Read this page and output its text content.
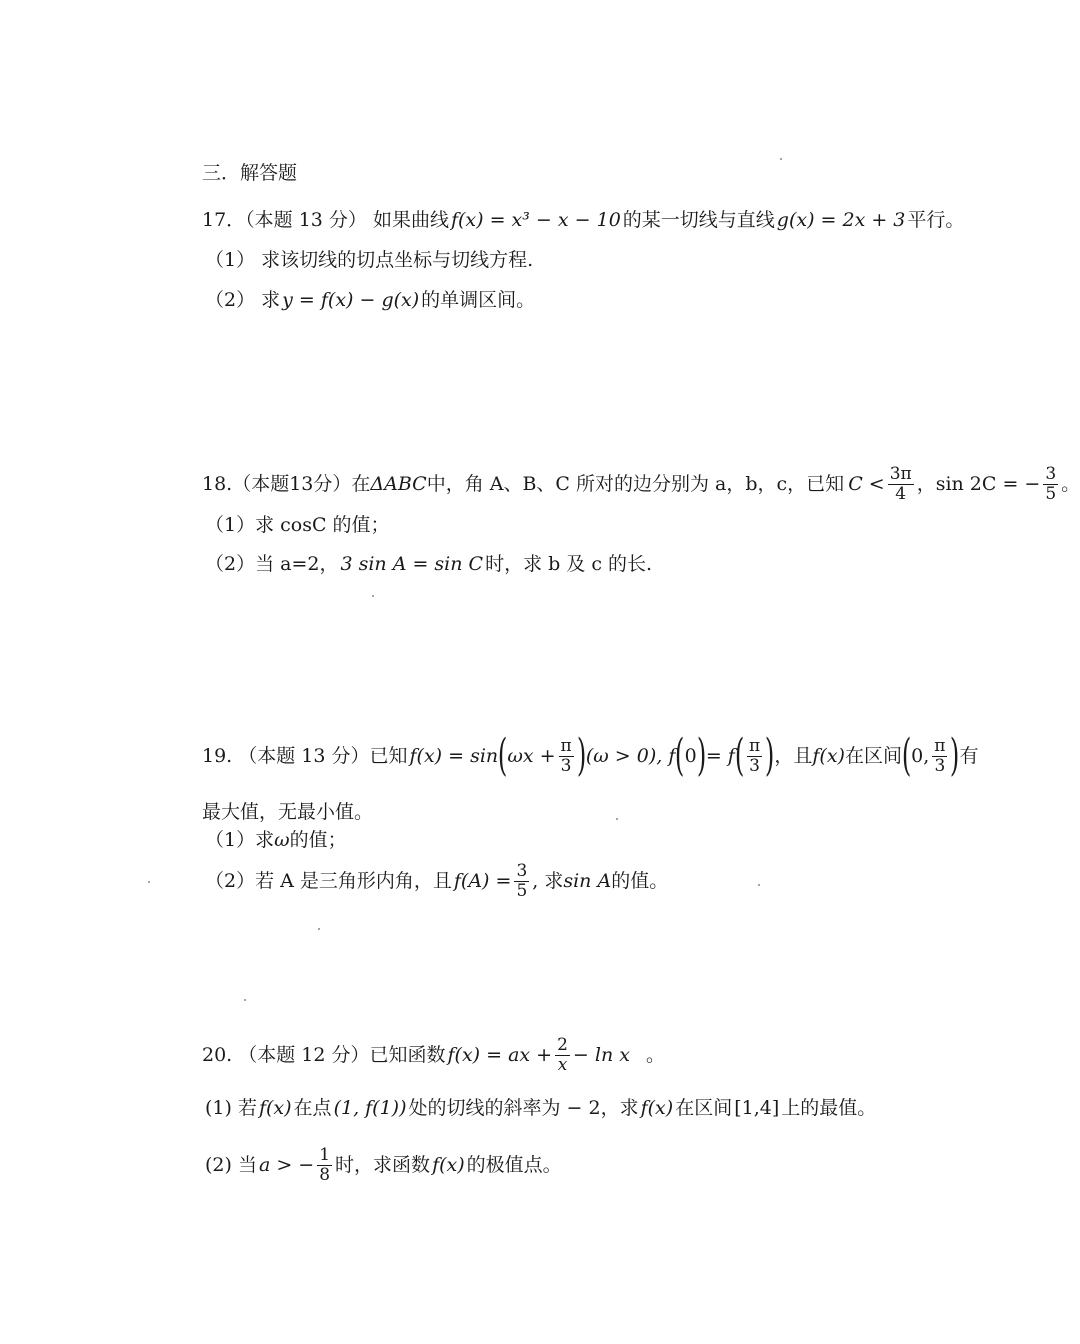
三．解答题
17．（本题 13 分） 如果曲线 f(x) = x³ − x − 10 的某一切线与直线 g(x) = 2x + 3 平行。
（1） 求该切线的切点坐标与切线方程.
（2） 求 y = f(x) − g(x) 的单调区间。
18.（本题13分）在 ΔABC 中，角 A、B、C 所对的边分别为 a，b，c，已知 $C < \frac{3\pi}{4}$ ，sin 2C = − $\frac{3}{5}$ 。
（1）求 cosC 的值；
（2）当 a=2， 3 sin A = sin C 时，求 b 及 c 的长.
19. （本题 13 分）已知 f(x) = sin ( $\omega x + \frac{\pi}{3}$ ) (ω > 0), f ( 0 ) = f ( $\frac{\pi}{3}$ ) ，且 f(x) 在区间 ( 0, $\frac{\pi}{3}$ ) 有
最大值，无最小值。
（1）求 ω 的值；
（2）若 A 是三角形内角，且 $f(A) = \frac{3}{5}$ , 求 sin A 的值。
20. （本题 12 分）已知函数 f(x) = ax + $\frac{2}{x} - \ln x$ 。
(1) 若 f(x) 在点 (1, f(1)) 处的切线的斜率为 − 2，求 f(x) 在区间 [1,4] 上的最值。
(2) 当 a > − $\frac{1}{8}$ 时，求函数 f(x) 的极值点。
